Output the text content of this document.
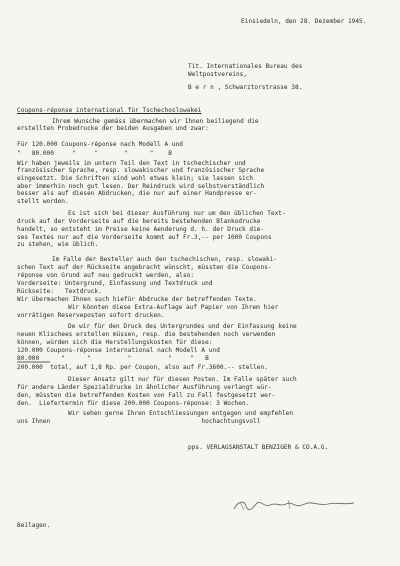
Einsiedeln, den 28. Dezember 1945.
Tit. Internationales Bureau des
Weltpostvereins,
B e r n , Schwarztorstrasse 38.
Coupons-réponse international für Tschechoslowakei
Ihrem Wunsche gemäss übermachen wir Ihnen beiliegend die
erstellten Probedrucke der beiden Ausgaben und zwar:
Für 120.000 Coupons-réponse nach Modell A und
"   80.000     "     "       "      "    B
Wir haben jeweils im untern Teil den Text in tschechischer und
französischer Sprache, resp. slowakischer und französischer Sprache
eingesetzt. Die Schriften sind wohl etwas klein; sie lassen sich
aber immerhin noch gut lesen. Der Reindruck wird selbstverständlich
besser als auf diesen Abdrucken, die nur auf einer Handpresse er-
stellt worden.
Es ist sich bei dieser Ausführung nur um den üblichen Text-
druck auf der Vorderseite auf die bereits bestehenden Blankodrucke
handelt, so entsteht im Preise keine Aenderung d. h. der Druck die-
ses Textes nur auf die Vorderseite kommt auf Fr.3,-- per 1000 Coupons
zu stehen, wie üblich.
Im Falle der Besteller auch den tschechischen, resp. slowaki-
schen Text auf der Rückseite angebracht wünscht, müssten die Coupons-
réponse von Grund auf neu gedruckt werden, also:
Vorderseite: Untergrund, Einfassung und Textdruck und
Rückseite:   Textdruck.
Wir übermachen Ihnen such hiefür Abdrucke der betreffenden Texte.
Wir könnten diese Extra-Auflage auf Papier von Ihrem hier
vorrätigen Reserveposten sofort drucken.
De wir für den Druck des Untergrundes und der Einfassung keine
neuen Klischees erstellen müssen, resp. die bestehenden noch verwenden
können, würden sich die Herstellungskosten für diese:
120.000 Coupons-réponse international nach Modell A und
80.000      "      "          "          "     "   B
200.000  total, auf 1,8 Rp. per Coupon, also auf Fr.3600.-- stellen.
Dieser Ansatz gilt nur für diesen Posten. Im Falle später such
für andere Länder Spezialdrucke in ähnlicher Ausführung verlangt wür-
den, müssten die betreffenden Kosten von Fall zu Fall festgesetzt wer-
den.  Liefertermin für diese 200.000 Coupons-réponse: 3 Wochen.
Wir sehen gerne Ihren Entschliessungen entgegen und empfehlen
uns Ihnen                                         hochachtungsvoll
pps. VERLAGSANSTALT BENZIGER & CO.A.G.
Beilagen.
